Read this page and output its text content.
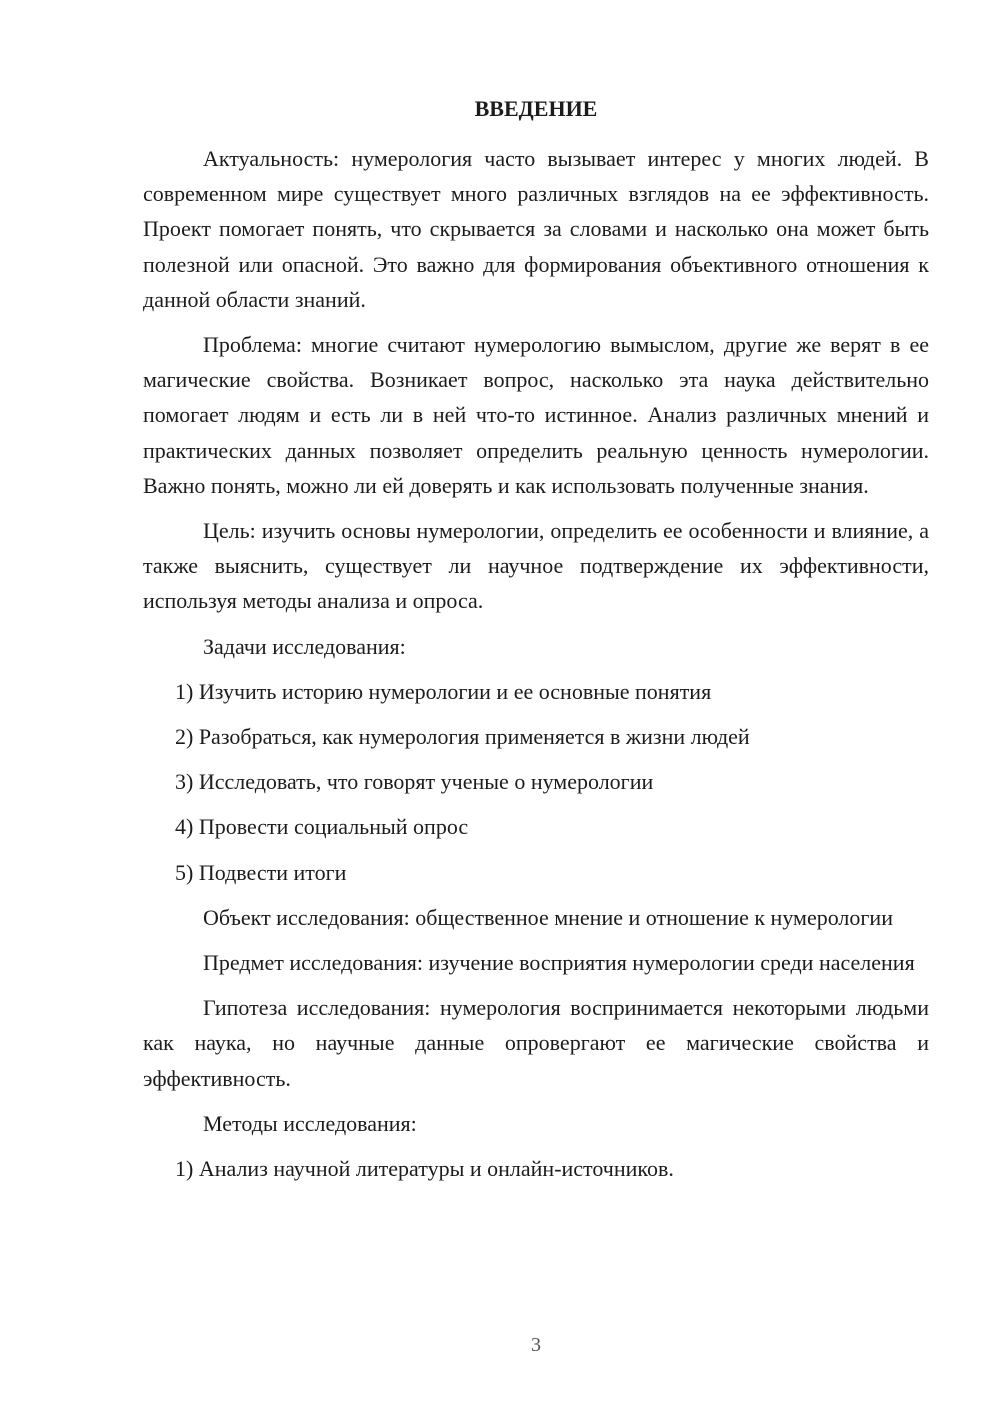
ВВЕДЕНИЕ

Актуальность: нумерология часто вызывает интерес у многих людей. В современном мире существует много различных взглядов на ее эффективность. Проект помогает понять, что скрывается за словами и насколько она может быть полезной или опасной. Это важно для формирования объективного отношения к данной области знаний.

Проблема: многие считают нумерологию вымыслом, другие же верят в ее магические свойства. Возникает вопрос, насколько эта наука действительно помогает людям и есть ли в ней что-то истинное. Анализ различных мнений и практических данных позволяет определить реальную ценность нумерологии. Важно понять, можно ли ей доверять и как использовать полученные знания.

Цель: изучить основы нумерологии, определить ее особенности и влияние, а также выяснить, существует ли научное подтверждение их эффективности, используя методы анализа и опроса.

Задачи исследования:

1) Изучить историю нумерологии и ее основные понятия

2) Разобраться, как нумерология применяется в жизни людей

3) Исследовать, что говорят ученые о нумерологии

4) Провести социальный опрос

5) Подвести итоги

Объект исследования: общественное мнение и отношение к нумерологии

Предмет исследования: изучение восприятия нумерологии среди населения

Гипотеза исследования: нумерология воспринимается некоторыми людьми как наука, но научные данные опровергают ее магические свойства и эффективность.

Методы исследования:

1) Анализ научной литературы и онлайн-источников.

3
